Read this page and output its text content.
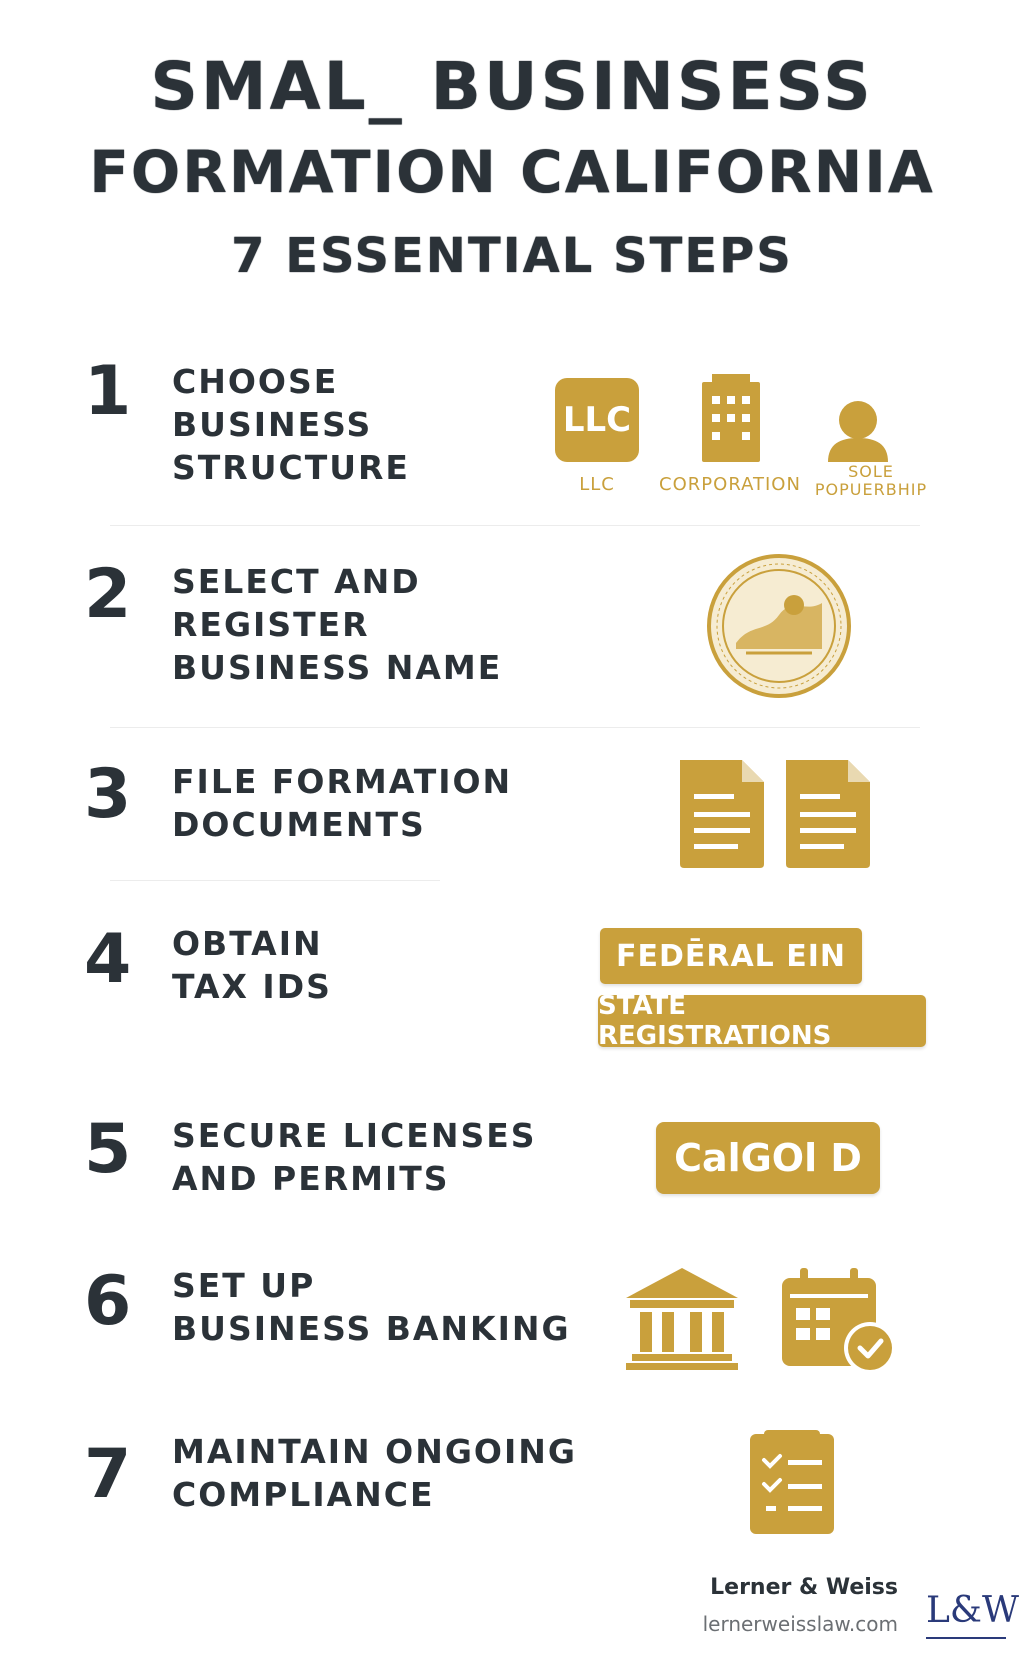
SMAL_ BUSINSESS
FORMATION CALIFORNIA
7 ESSENTIAL STEPS
1 CHOOSE
BUSINESS
STRUCTURE
LLC
LLC	CORPORATION
SOLE
POPUERBHIP
2 SELECT AND
REGISTER
BUSINESS NAME
3 FILE FORMATION
DOCUMENTS
4 OBTAIN
TAX IDS
FEDĒRAL EIN
STATE REGISTRATIONS
5 SECURE LICENSES
AND PERMITS	CalGOl D
6 SET UP
BUSINESS BANKING
7 MAINTAIN ONGOING
COMPLIANCE
Lerner & Weiss
lernerweisslaw.com L&W
